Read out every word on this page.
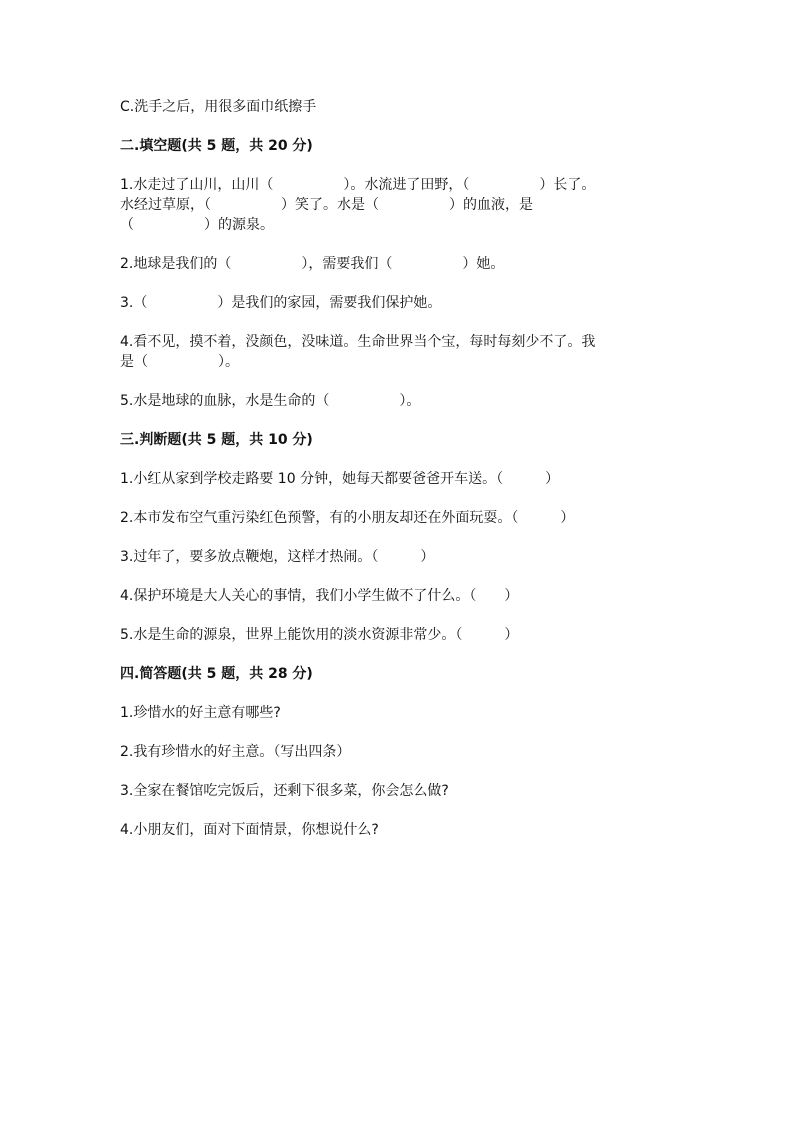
C.洗手之后，用很多面巾纸擦手
二.填空题(共 5 题，共 20 分)
1.水走过了山川，山川（　　　　　）。水流进了田野，（　　　　　）长了。
水经过草原，（　　　　　）笑了。水是（　　　　　）的血液，是
（　　　　　）的源泉。
2.地球是我们的（　　　　　），需要我们（　　　　　）她。
3.（　　　　　）是我们的家园，需要我们保护她。
4.看不见，摸不着，没颜色，没味道。生命世界当个宝，每时每刻少不了。我
是（　　　　　）。
5.水是地球的血脉，水是生命的（　　　　　）。
三.判断题(共 5 题，共 10 分)
1.小红从家到学校走路要 10 分钟，她每天都要爸爸开车送。（　　　）
2.本市发布空气重污染红色预警，有的小朋友却还在外面玩耍。（　　　）
3.过年了，要多放点鞭炮，这样才热闹。（　　　）
4.保护环境是大人关心的事情，我们小学生做不了什么。（　　）
5.水是生命的源泉，世界上能饮用的淡水资源非常少。（　　　）
四.简答题(共 5 题，共 28 分)
1.珍惜水的好主意有哪些?
2.我有珍惜水的好主意。（写出四条）
3.全家在餐馆吃完饭后，还剩下很多菜，你会怎么做?
4.小朋友们，面对下面情景，你想说什么?
